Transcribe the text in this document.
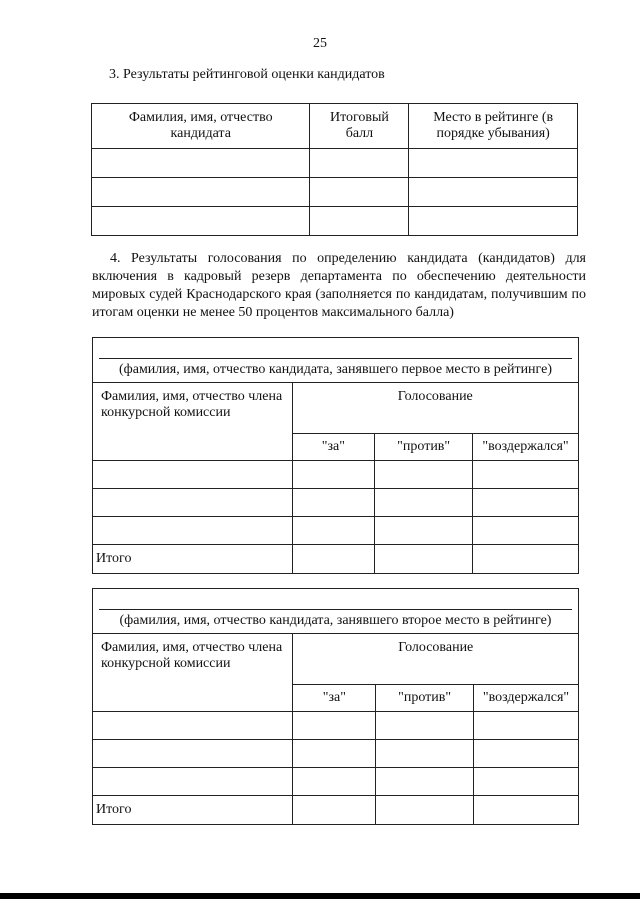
25
3. Результаты рейтинговой оценки кандидатов
Фамилия, имя, отчество кандидата	Итоговый балл	Место в рейтинге (в порядке убывания)

4. Результаты голосования по определению кандидата (кандидатов) для включения в кадровый резерв департамента по обеспечению деятельности мировых судей Краснодарского края (заполняется по кандидатам, получившим по итогам оценки не менее 50 процентов максимального балла)
(фамилия, имя, отчество кандидата, занявшего первое место в рейтинге)			

Фамилия, имя, отчество члена конкурсной комиссии	Голосование		
	"за"	"против"	"воздержался"

Итого			
(фамилия, имя, отчество кандидата, занявшего второе место в рейтинге)			

Фамилия, имя, отчество члена конкурсной комиссии	Голосование		
	"за"	"против"	"воздержался"

Итого			
